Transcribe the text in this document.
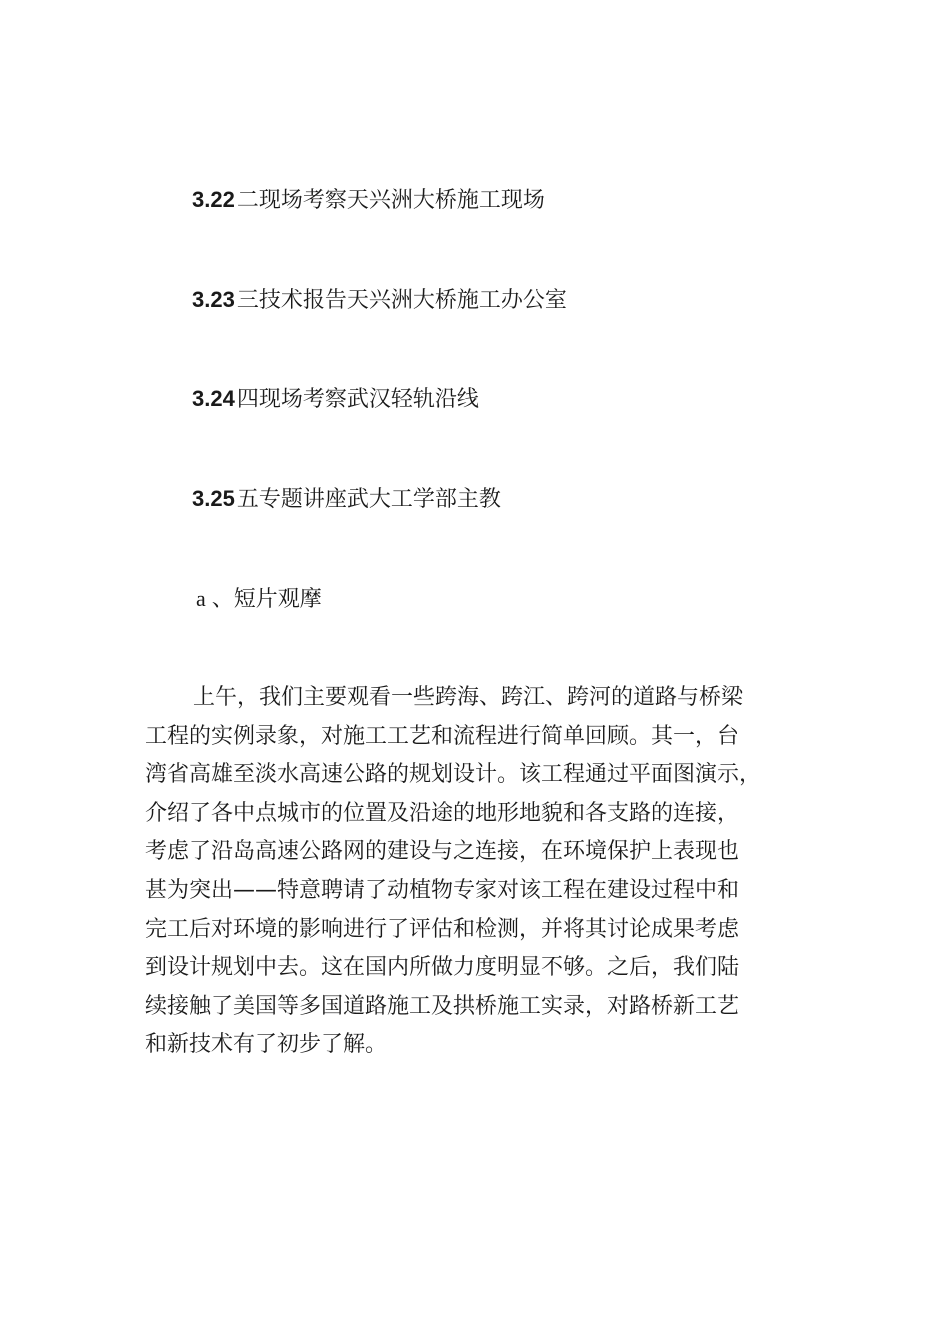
3.22二现场考察天兴洲大桥施工现场
3.23三技术报告天兴洲大桥施工办公室
3.24四现场考察武汉轻轨沿线
3.25五专题讲座武大工学部主教
a 、短片观摩
上午，我们主要观看一些跨海、跨江、跨河的道路与桥梁
工程的实例录象，对施工工艺和流程进行简单回顾。其一，台
湾省高雄至淡水高速公路的规划设计。该工程通过平面图演示，
介绍了各中点城市的位置及沿途的地形地貌和各支路的连接，
考虑了沿岛高速公路网的建设与之连接，在环境保护上表现也
甚为突出——特意聘请了动植物专家对该工程在建设过程中和
完工后对环境的影响进行了评估和检测，并将其讨论成果考虑
到设计规划中去。这在国内所做力度明显不够。之后，我们陆
续接触了美国等多国道路施工及拱桥施工实录，对路桥新工艺
和新技术有了初步了解。
